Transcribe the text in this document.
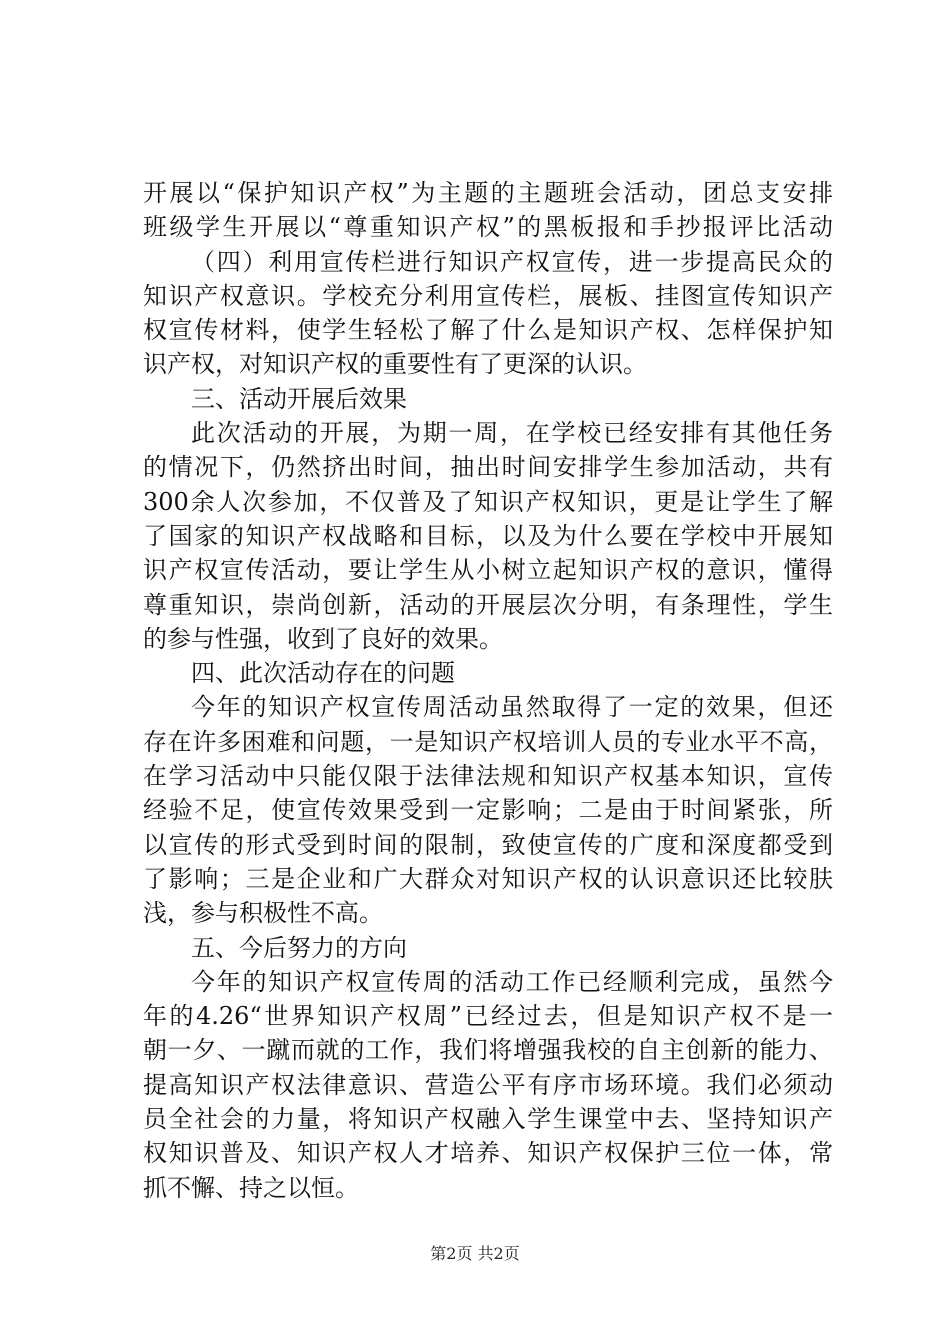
开展以“保护知识产权”为主题的主题班会活动，团总支安排
班级学生开展以“尊重知识产权”的黑板报和手抄报评比活动
（四）利用宣传栏进行知识产权宣传，进一步提高民众的
知识产权意识。学校充分利用宣传栏，展板、挂图宣传知识产
权宣传材料，使学生轻松了解了什么是知识产权、怎样保护知
识产权，对知识产权的重要性有了更深的认识。
三、活动开展后效果
此次活动的开展，为期一周，在学校已经安排有其他任务
的情况下，仍然挤出时间，抽出时间安排学生参加活动，共有
300余人次参加，不仅普及了知识产权知识，更是让学生了解
了国家的知识产权战略和目标，以及为什么要在学校中开展知
识产权宣传活动，要让学生从小树立起知识产权的意识，懂得
尊重知识，崇尚创新，活动的开展层次分明，有条理性，学生
的参与性强，收到了良好的效果。
四、此次活动存在的问题
今年的知识产权宣传周活动虽然取得了一定的效果，但还
存在许多困难和问题，一是知识产权培训人员的专业水平不高，
在学习活动中只能仅限于法律法规和知识产权基本知识，宣传
经验不足，使宣传效果受到一定影响；二是由于时间紧张，所
以宣传的形式受到时间的限制，致使宣传的广度和深度都受到
了影响；三是企业和广大群众对知识产权的认识意识还比较肤
浅，参与积极性不高。
五、今后努力的方向
今年的知识产权宣传周的活动工作已经顺利完成，虽然今
年的4.26“世界知识产权周”已经过去，但是知识产权不是一
朝一夕、一蹴而就的工作，我们将增强我校的自主创新的能力、
提高知识产权法律意识、营造公平有序市场环境。我们必须动
员全社会的力量，将知识产权融入学生课堂中去、坚持知识产
权知识普及、知识产权人才培养、知识产权保护三位一体，常
抓不懈、持之以恒。
第2页 共2页
